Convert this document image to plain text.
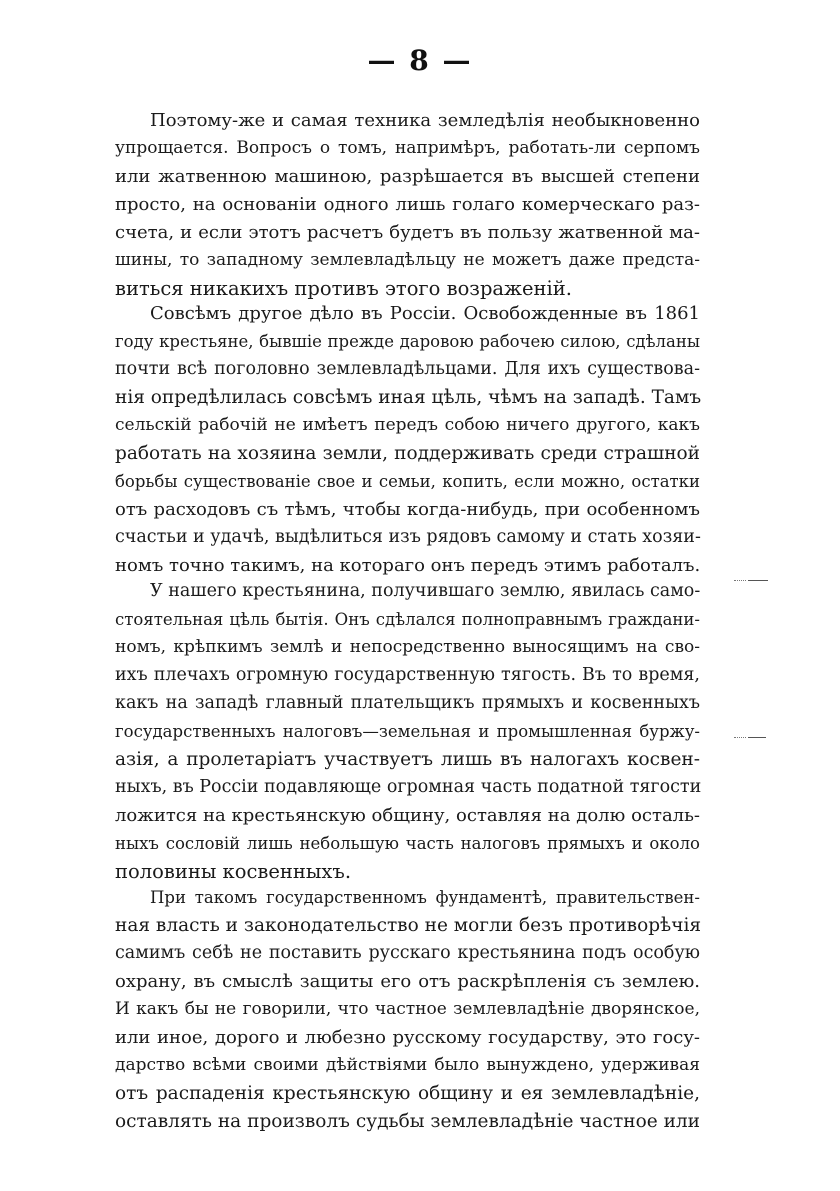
— 8 —
Поэтому-же и самая техника земледѣлія необыкновенно
упрощается. Вопросъ о томъ, напримѣръ, работать-ли серпомъ
или жатвенною машиною, разрѣшается въ высшей степени
просто, на основаніи одного лишь голаго комерческаго раз-
счета, и если этотъ расчетъ будетъ въ пользу жатвенной ма-
шины, то западному землевладѣльцу не можетъ даже предста-
виться никакихъ противъ этого возраженій.
Совсѣмъ другое дѣло въ Россіи. Освобожденные въ 1861
году крестьяне, бывшіе прежде даровою рабочею силою, сдѣланы
почти всѣ поголовно землевладѣльцами. Для ихъ существова-
нія опредѣлилась совсѣмъ иная цѣль, чѣмъ на западѣ. Тамъ
сельскій рабочій не имѣетъ передъ собою ничего другого, какъ
работать на хозяина земли, поддерживать среди страшной
борьбы существованіе свое и семьи, копить, если можно, остатки
отъ расходовъ съ тѣмъ, чтобы когда-нибудь, при особенномъ
счастьи и удачѣ, выдѣлиться изъ рядовъ самому и стать хозяи-
номъ точно такимъ, на котораго онъ передъ этимъ работалъ.
У нашего крестьянина, получившаго землю, явилась само-
стоятельная цѣль бытія. Онъ сдѣлался полноправнымъ граждани-
номъ, крѣпкимъ землѣ и непосредственно выносящимъ на сво-
ихъ плечахъ огромную государственную тягость. Въ то время,
какъ на западѣ главный плательщикъ прямыхъ и косвенныхъ
государственныхъ налоговъ—земельная и промышленная буржу-
азія, а пролетаріатъ участвуетъ лишь въ налогахъ косвен-
ныхъ, въ Россіи подавляюще огромная часть податной тягости
ложится на крестьянскую общину, оставляя на долю осталь-
ныхъ сословій лишь небольшую часть налоговъ прямыхъ и около
половины косвенныхъ.
При такомъ государственномъ фундаментѣ, правительствен-
ная власть и законодательство не могли безъ противорѣчія
самимъ себѣ не поставить русскаго крестьянина подъ особую
охрану, въ смыслѣ защиты его отъ раскрѣпленія съ землею.
И какъ бы не говорили, что частное землевладѣніе дворянское,
или иное, дорого и любезно русскому государству, это госу-
дарство всѣми своими дѣйствіями было вынуждено, удерживая
отъ распаденія крестьянскую общину и ея землевладѣніе,
оставлять на произволъ судьбы землевладѣніе частное или
